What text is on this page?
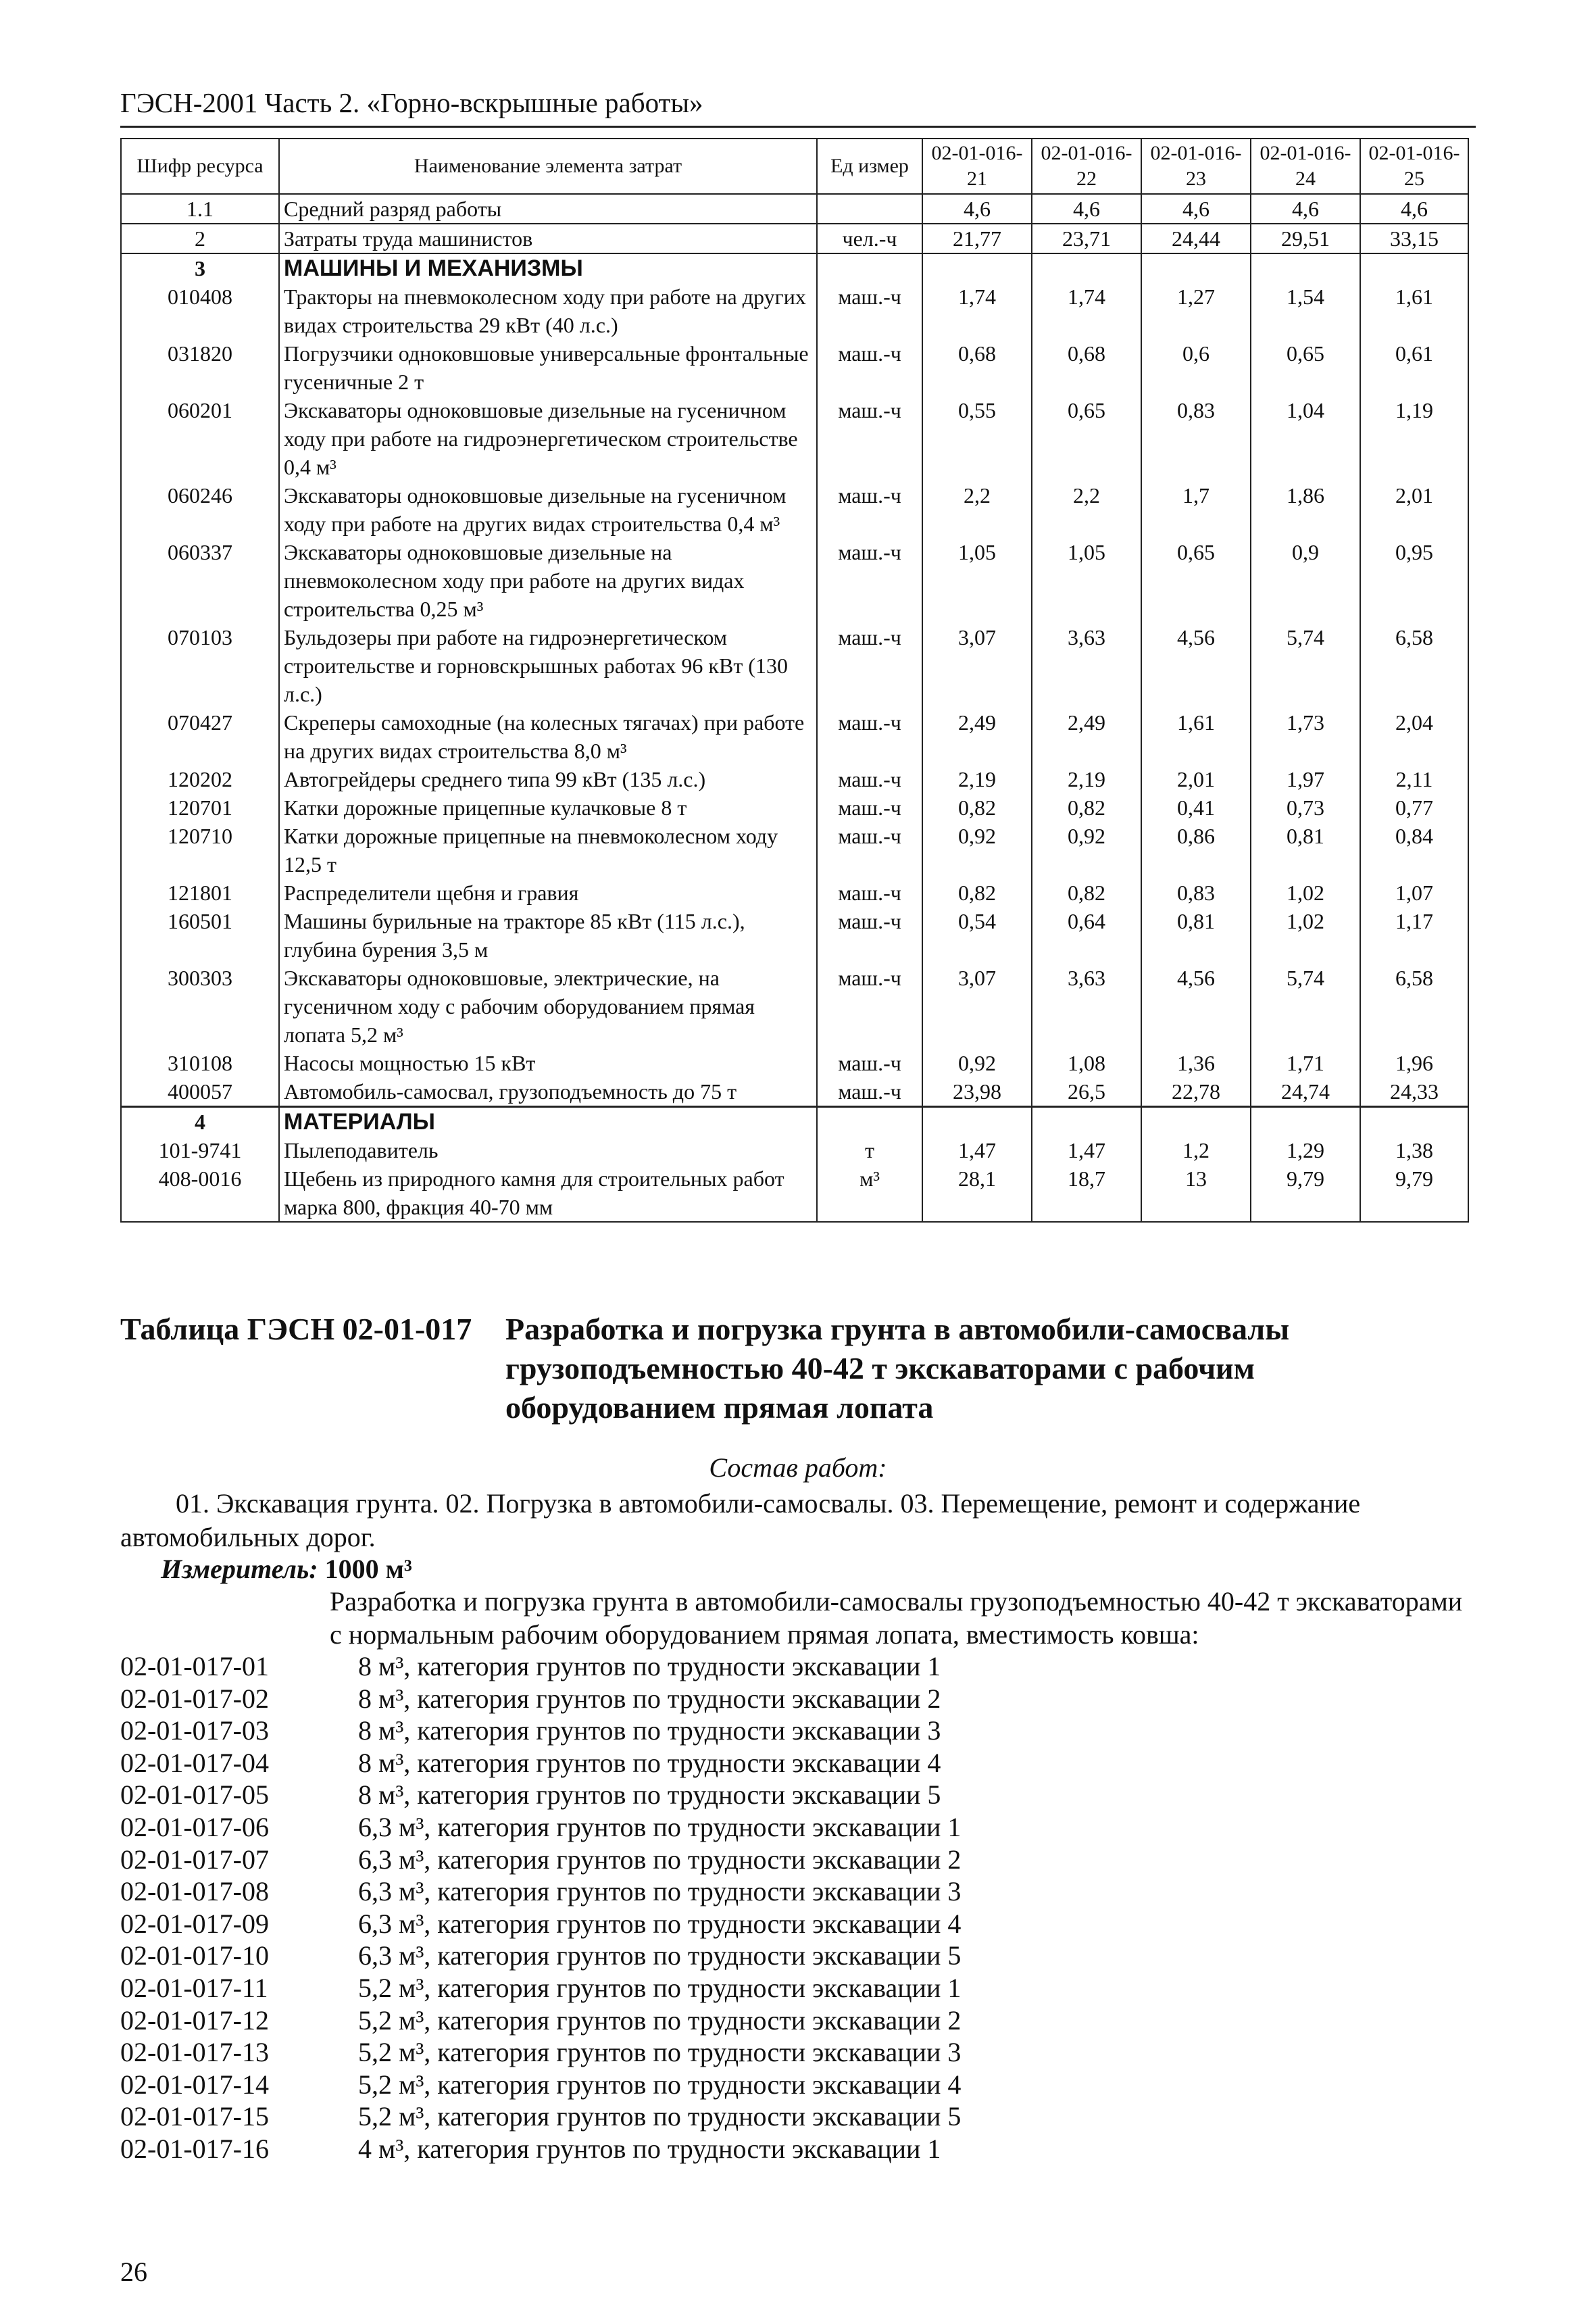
ГЭСН-2001 Часть 2. «Горно-вскрышные работы»
Шифр ресурса	Наименование элемента затрат	Ед измер	02-01-016-21	02-01-016-22	02-01-016-23	02-01-016-24	02-01-016-25
1.1	Средний разряд работы		4,6	4,6	4,6	4,6	4,6
2	Затраты труда машинистов	чел.-ч	21,77	23,71	24,44	29,51	33,15
3	МАШИНЫ И МЕХАНИЗМЫ						
010408	Тракторы на пневмоколесном ходу при работе на других видах строительства 29 кВт (40 л.с.)	маш.-ч	1,74	1,74	1,27	1,54	1,61
031820	Погрузчики одноковшовые универсальные фронтальные гусеничные 2 т	маш.-ч	0,68	0,68	0,6	0,65	0,61
060201	Экскаваторы одноковшовые дизельные на гусеничном ходу при работе на гидроэнергетическом строительстве 0,4 м³	маш.-ч	0,55	0,65	0,83	1,04	1,19
060246	Экскаваторы одноковшовые дизельные на гусеничном ходу при работе на других видах строительства 0,4 м³	маш.-ч	2,2	2,2	1,7	1,86	2,01
060337	Экскаваторы одноковшовые дизельные на пневмоколесном ходу при работе на других видах строительства 0,25 м³	маш.-ч	1,05	1,05	0,65	0,9	0,95
070103	Бульдозеры при работе на гидроэнергетическом строительстве и горновскрышных работах 96 кВт (130 л.с.)	маш.-ч	3,07	3,63	4,56	5,74	6,58
070427	Скреперы самоходные (на колесных тягачах) при работе на других видах строительства 8,0 м³	маш.-ч	2,49	2,49	1,61	1,73	2,04
120202	Автогрейдеры среднего типа 99 кВт (135 л.с.)	маш.-ч	2,19	2,19	2,01	1,97	2,11
120701	Катки дорожные прицепные кулачковые 8 т	маш.-ч	0,82	0,82	0,41	0,73	0,77
120710	Катки дорожные прицепные на пневмоколесном ходу 12,5 т	маш.-ч	0,92	0,92	0,86	0,81	0,84
121801	Распределители щебня и гравия	маш.-ч	0,82	0,82	0,83	1,02	1,07
160501	Машины бурильные на тракторе 85 кВт (115 л.с.), глубина бурения 3,5 м	маш.-ч	0,54	0,64	0,81	1,02	1,17
300303	Экскаваторы одноковшовые, электрические, на гусеничном ходу с рабочим оборудованием прямая лопата 5,2 м³	маш.-ч	3,07	3,63	4,56	5,74	6,58
310108	Насосы мощностью 15 кВт	маш.-ч	0,92	1,08	1,36	1,71	1,96
400057	Автомобиль-самосвал, грузоподъемность до 75 т	маш.-ч	23,98	26,5	22,78	24,74	24,33
4	МАТЕРИАЛЫ						
101-9741	Пылеподавитель	т	1,47	1,47	1,2	1,29	1,38
408-0016	Щебень из природного камня для строительных работ марка 800, фракция 40-70 мм	м³	28,1	18,7	13	9,79	9,79
Таблица ГЭСН 02-01-017	Разработка и погрузка грунта в автомобили-самосвалы грузоподъемностью 40-42 т экскаваторами с рабочим оборудованием прямая лопата
Состав работ:
01. Экскавация грунта. 02. Погрузка в автомобили-самосвалы. 03. Перемещение, ремонт и содержание автомобильных дорог.
Измеритель: 1000 м³
Разработка и погрузка грунта в автомобили-самосвалы грузоподъемностью 40-42 т экскаваторами с нормальным рабочим оборудованием прямая лопата, вместимость ковша:
02-01-017-01	8 м³, категория грунтов по трудности экскавации 1
02-01-017-02	8 м³, категория грунтов по трудности экскавации 2
02-01-017-03	8 м³, категория грунтов по трудности экскавации 3
02-01-017-04	8 м³, категория грунтов по трудности экскавации 4
02-01-017-05	8 м³, категория грунтов по трудности экскавации 5
02-01-017-06	6,3 м³, категория грунтов по трудности экскавации 1
02-01-017-07	6,3 м³, категория грунтов по трудности экскавации 2
02-01-017-08	6,3 м³, категория грунтов по трудности экскавации 3
02-01-017-09	6,3 м³, категория грунтов по трудности экскавации 4
02-01-017-10	6,3 м³, категория грунтов по трудности экскавации 5
02-01-017-11	5,2 м³, категория грунтов по трудности экскавации 1
02-01-017-12	5,2 м³, категория грунтов по трудности экскавации 2
02-01-017-13	5,2 м³, категория грунтов по трудности экскавации 3
02-01-017-14	5,2 м³, категория грунтов по трудности экскавации 4
02-01-017-15	5,2 м³, категория грунтов по трудности экскавации 5
02-01-017-16	4 м³, категория грунтов по трудности экскавации 1
26
